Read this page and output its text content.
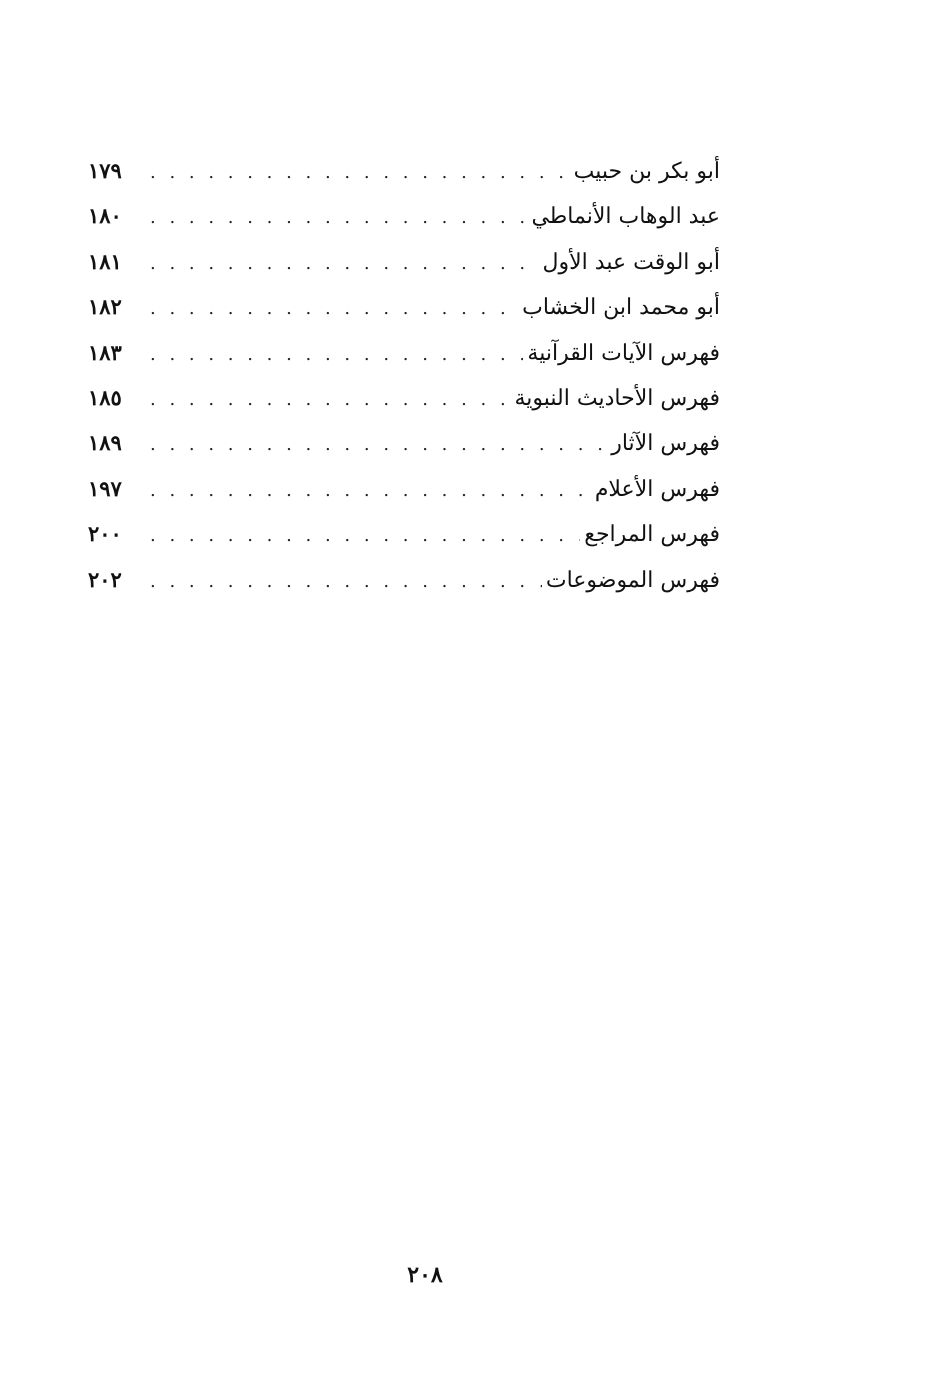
أبو بكر بن حبيب
. . .
١٧٩
عبد الوهاب الأنماطي
. . .
١٨٠
أبو الوقت عبد الأول
. . .
١٨١
أبو محمد ابن الخشاب
. . .
١٨٢
فهرس الآيات القرآنية
. . .
١٨٣
فهرس الأحاديث النبوية
. . .
١٨٥
فهرس الآثار
. . .
١٨٩
فهرس الأعلام
. . .
١٩٧
فهرس المراجع
. . .
٢٠٠
فهرس الموضوعات
. . .
٢٠٢
٢٠٨
